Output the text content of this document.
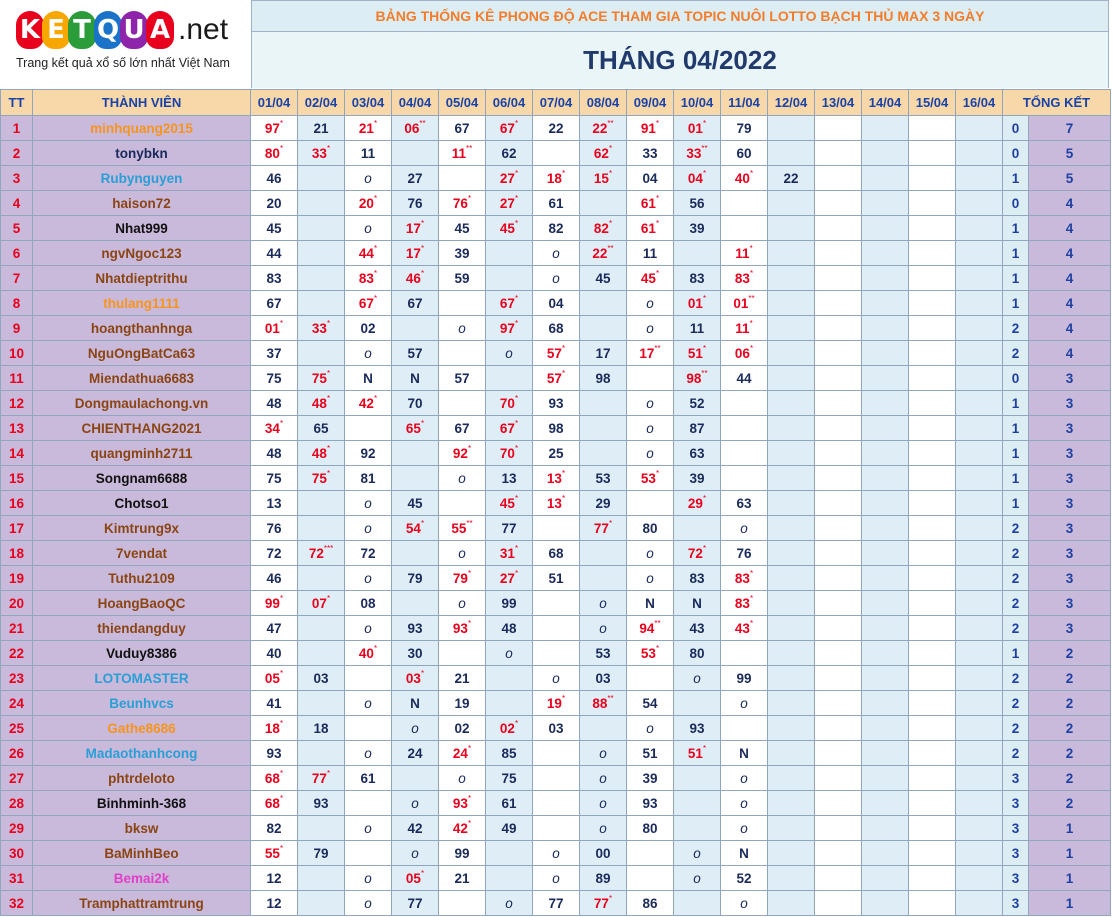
K E T Q U A .net
Trang kết quả xổ số lớn nhất Việt Nam
BẢNG THỐNG KÊ PHONG ĐỘ ACE THAM GIA TOPIC NUÔI LOTTO BẠCH THỦ MAX 3 NGÀY
THÁNG 04/2022
TT	THÀNH VIÊN	01/04	02/04	03/04	04/04	05/04	06/04	07/04	08/04	09/04	10/04	11/04	12/04	13/04	14/04	15/04	16/04	TỔNG KẾT	
1	minhquang2015	97*	21	21*	06**	67	67*	22	22**	91*	01*	79						0	7
2	tonybkn	80*	33*	11		11**	62		62*	33	33**	60						0	5
3	Rubynguyen	46		o	27		27*	18*	15*	04	04*	40*	22					1	5
4	haison72	20		20*	76	76*	27*	61		61*	56							0	4
5	Nhat999	45		o	17*	45	45*	82	82*	61*	39							1	4
6	ngvNgoc123	44		44*	17*	39		o	22**	11		11*						1	4
7	Nhatdieptrithu	83		83*	46*	59		o	45	45*	83	83*						1	4
8	thulang1111	67		67*	67		67*	04		o	01*	01**						1	4
9	hoangthanhnga	01*	33*	02		o	97*	68		o	11	11*						2	4
10	NguOngBatCa63	37		o	57		o	57*	17	17**	51*	06*						2	4
11	Miendathua6683	75	75*	N	N	57		57*	98		98**	44						0	3
12	Dongmaulachong.vn	48	48*	42*	70		70*	93		o	52							1	3
13	CHIENTHANG2021	34*	65		65*	67	67*	98		o	87							1	3
14	quangminh2711	48	48*	92		92*	70*	25		o	63							1	3
15	Songnam6688	75	75*	81		o	13	13*	53	53*	39							1	3
16	Chotso1	13		o	45		45*	13*	29		29*	63						1	3
17	Kimtrung9x	76		o	54*	55**	77		77*	80		o						2	3
18	7vendat	72	72***	72		o	31*	68		o	72*	76						2	3
19	Tuthu2109	46		o	79	79*	27*	51		o	83	83*						2	3
20	HoangBaoQC	99*	07*	08		o	99		o	N	N	83*						2	3
21	thiendangduy	47		o	93	93*	48		o	94**	43	43*						2	3
22	Vuduy8386	40		40*	30		o		53	53*	80							1	2
23	LOTOMASTER	05*	03		03*	21		o	03		o	99						2	2
24	Beunhvcs	41		o	N	19		19*	88**	54		o						2	2
25	Gathe8686	18*	18		o	02	02*	03		o	93							2	2
26	Madaothanhcong	93		o	24	24*	85		o	51	51*	N						2	2
27	phtrdeloto	68*	77*	61		o	75		o	39		o						3	2
28	Binhminh-368	68*	93		o	93*	61		o	93		o						3	2
29	bksw	82		o	42	42*	49		o	80		o						3	1
30	BaMinhBeo	55*	79		o	99		o	00		o	N						3	1
31	Bemai2k	12		o	05*	21		o	89		o	52						3	1
32	Tramphattramtrung	12		o	77		o	77	77*	86		o						3	1
